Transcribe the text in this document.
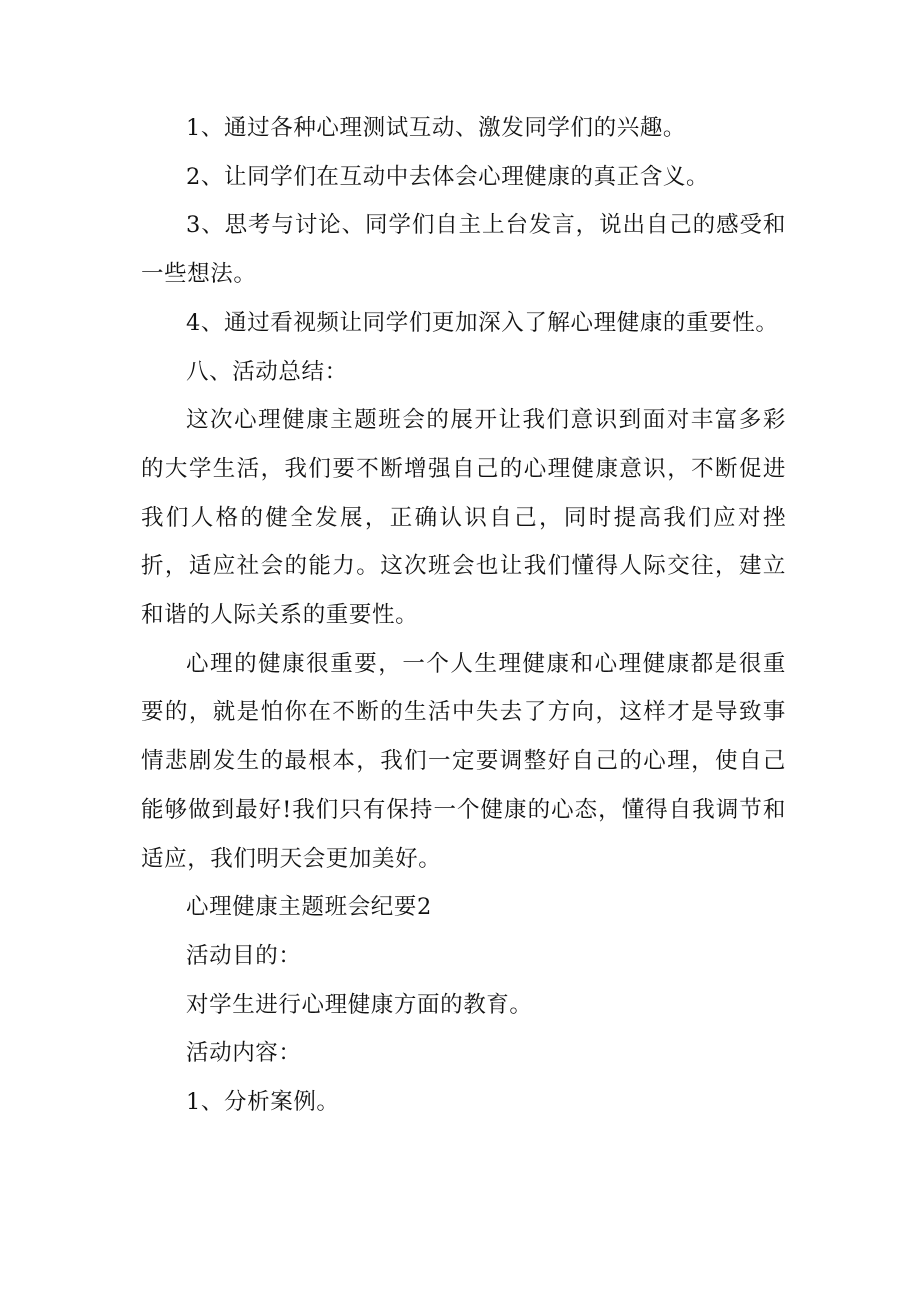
1、通过各种心理测试互动、激发同学们的兴趣。

2、让同学们在互动中去体会心理健康的真正含义。

3、思考与讨论、同学们自主上台发言，说出自己的感受和一些想法。

4、通过看视频让同学们更加深入了解心理健康的重要性。

八、活动总结：

这次心理健康主题班会的展开让我们意识到面对丰富多彩的大学生活，我们要不断增强自己的心理健康意识，不断促进我们人格的健全发展，正确认识自己，同时提高我们应对挫折，适应社会的能力。这次班会也让我们懂得人际交往，建立和谐的人际关系的重要性。

心理的健康很重要，一个人生理健康和心理健康都是很重要的，就是怕你在不断的生活中失去了方向，这样才是导致事情悲剧发生的最根本，我们一定要调整好自己的心理，使自己能够做到最好!我们只有保持一个健康的心态，懂得自我调节和适应，我们明天会更加美好。

心理健康主题班会纪要2

活动目的：

对学生进行心理健康方面的教育。

活动内容：

1、分析案例。
